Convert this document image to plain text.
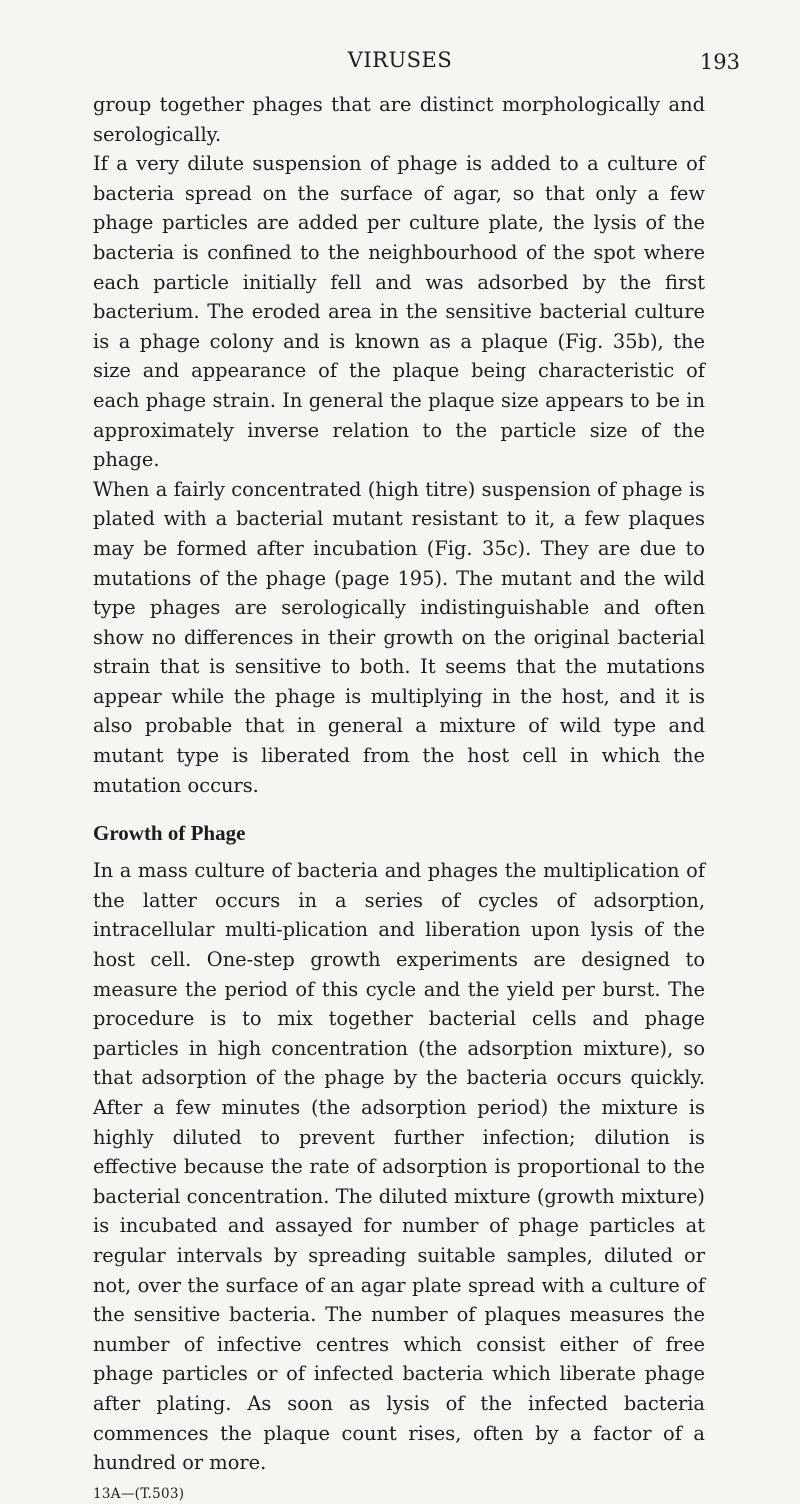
VIRUSES	193

group together phages that are distinct morphologically and serologically.

If a very dilute suspension of phage is added to a culture of bacteria spread on the surface of agar, so that only a few phage particles are added per culture plate, the lysis of the bacteria is confined to the neighbourhood of the spot where each particle initially fell and was adsorbed by the first bacterium. The eroded area in the sensitive bacterial culture is a phage colony and is known as a plaque (Fig. 35b), the size and appearance of the plaque being characteristic of each phage strain. In general the plaque size appears to be in approximately inverse relation to the particle size of the phage.

When a fairly concentrated (high titre) suspension of phage is plated with a bacterial mutant resistant to it, a few plaques may be formed after incubation (Fig. 35c). They are due to mutations of the phage (page 195). The mutant and the wild type phages are serologically indistinguishable and often show no differences in their growth on the original bacterial strain that is sensitive to both. It seems that the mutations appear while the phage is multiplying in the host, and it is also probable that in general a mixture of wild type and mutant type is liberated from the host cell in which the mutation occurs.

Growth of Phage

In a mass culture of bacteria and phages the multiplication of the latter occurs in a series of cycles of adsorption, intracellular multi-plication and liberation upon lysis of the host cell. One-step growth experiments are designed to measure the period of this cycle and the yield per burst. The procedure is to mix together bacterial cells and phage particles in high concentration (the adsorption mixture), so that adsorption of the phage by the bacteria occurs quickly. After a few minutes (the adsorption period) the mixture is highly diluted to prevent further infection; dilution is effective because the rate of adsorption is proportional to the bacterial concentration. The diluted mixture (growth mixture) is incubated and assayed for number of phage particles at regular intervals by spreading suitable samples, diluted or not, over the surface of an agar plate spread with a culture of the sensitive bacteria. The number of plaques measures the number of infective centres which consist either of free phage particles or of infected bacteria which liberate phage after plating. As soon as lysis of the infected bacteria commences the plaque count rises, often by a factor of a hundred or more.

13A—(T.503)
